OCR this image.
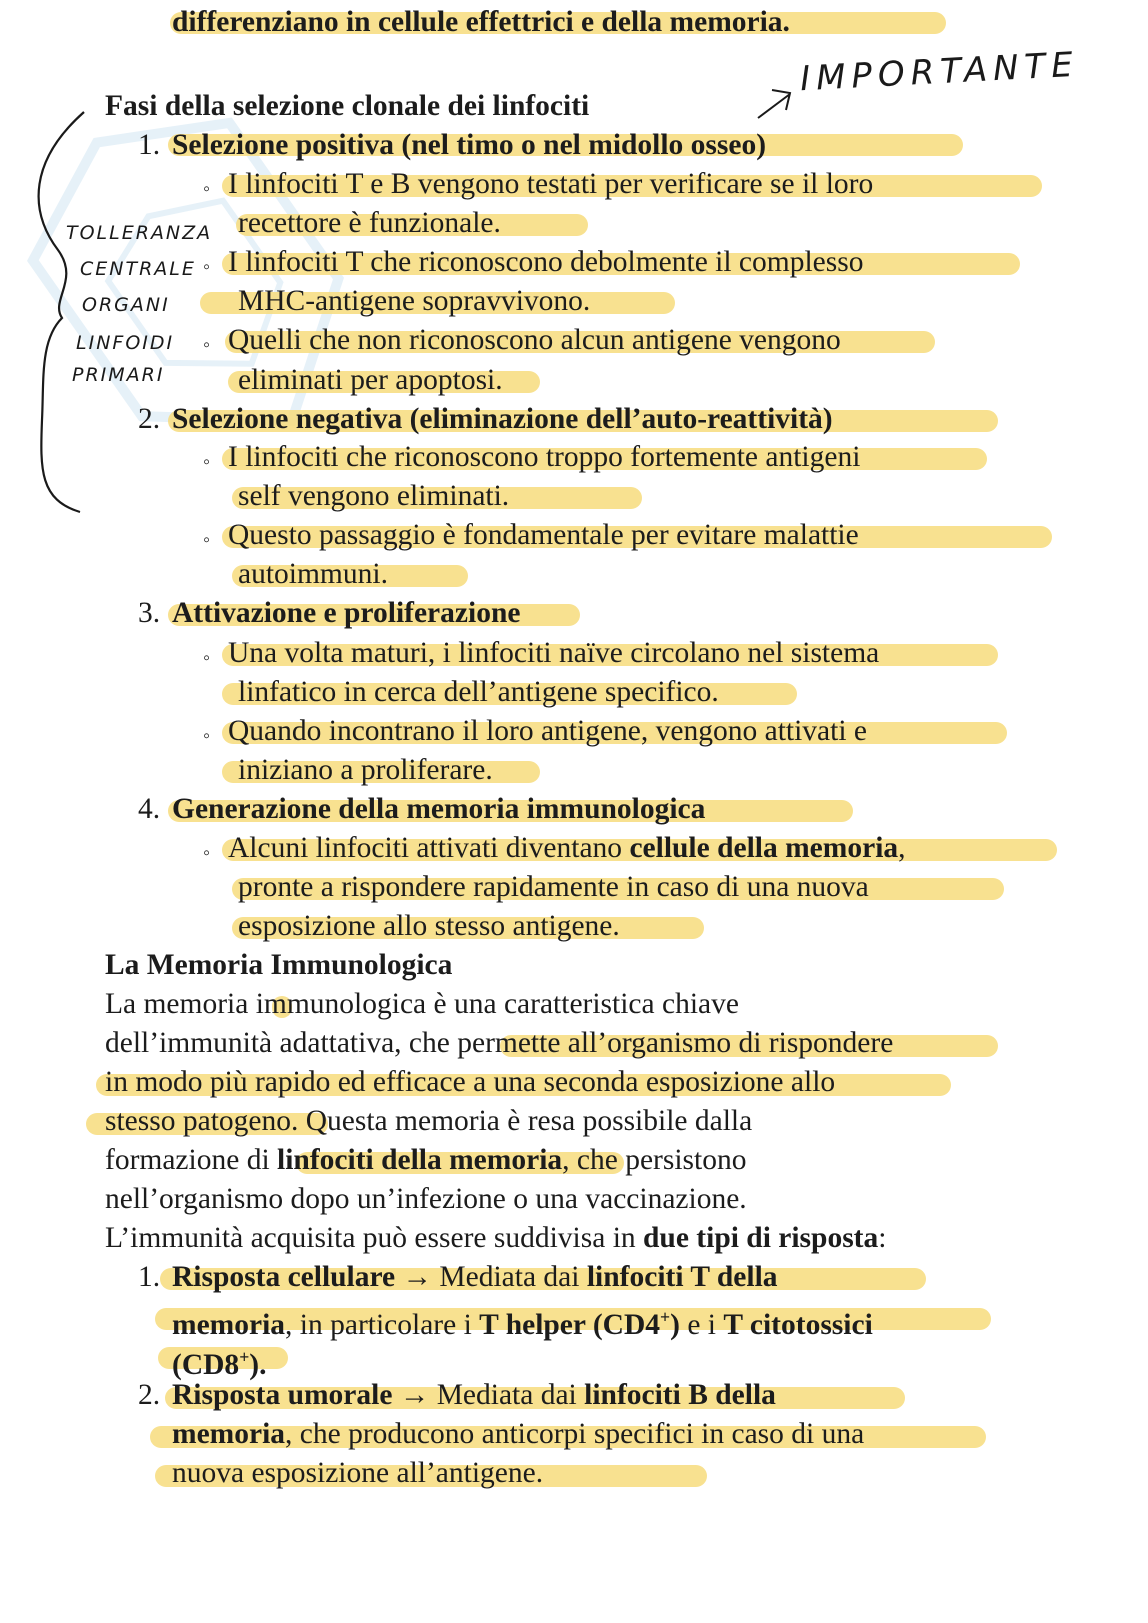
IMPORTANTE
TOLLERANZA
CENTRALE
ORGANI
LINFOIDI
PRIMARI
differenziano in cellule effettrici e della memoria.
Fasi della selezione clonale dei linfociti
1. Selezione positiva (nel timo o nel midollo osseo)
◦ I linfociti T e B vengono testati per verificare se il loro
recettore è funzionale.
◦ I linfociti T che riconoscono debolmente il complesso
MHC-antigene sopravvivono.
◦ Quelli che non riconoscono alcun antigene vengono
eliminati per apoptosi.
2. Selezione negativa (eliminazione dell’auto-reattività)
◦ I linfociti che riconoscono troppo fortemente antigeni
self vengono eliminati.
◦ Questo passaggio è fondamentale per evitare malattie
autoimmuni.
3. Attivazione e proliferazione
◦ Una volta maturi, i linfociti naïve circolano nel sistema
linfatico in cerca dell’antigene specifico.
◦ Quando incontrano il loro antigene, vengono attivati e
iniziano a proliferare.
4. Generazione della memoria immunologica
◦ Alcuni linfociti attivati diventano cellule della memoria,
pronte a rispondere rapidamente in caso di una nuova
esposizione allo stesso antigene.
La Memoria Immunologica
La memoria immunologica è una caratteristica chiave
dell’immunità adattativa, che permette all’organismo di rispondere
in modo più rapido ed efficace a una seconda esposizione allo
stesso patogeno. Questa memoria è resa possibile dalla
formazione di linfociti della memoria, che persistono
nell’organismo dopo un’infezione o una vaccinazione.
L’immunità acquisita può essere suddivisa in due tipi di risposta:
1. Risposta cellulare → Mediata dai linfociti T della
memoria, in particolare i T helper (CD4+) e i T citotossici
(CD8+).
2. Risposta umorale → Mediata dai linfociti B della
memoria, che producono anticorpi specifici in caso di una
nuova esposizione all’antigene.
